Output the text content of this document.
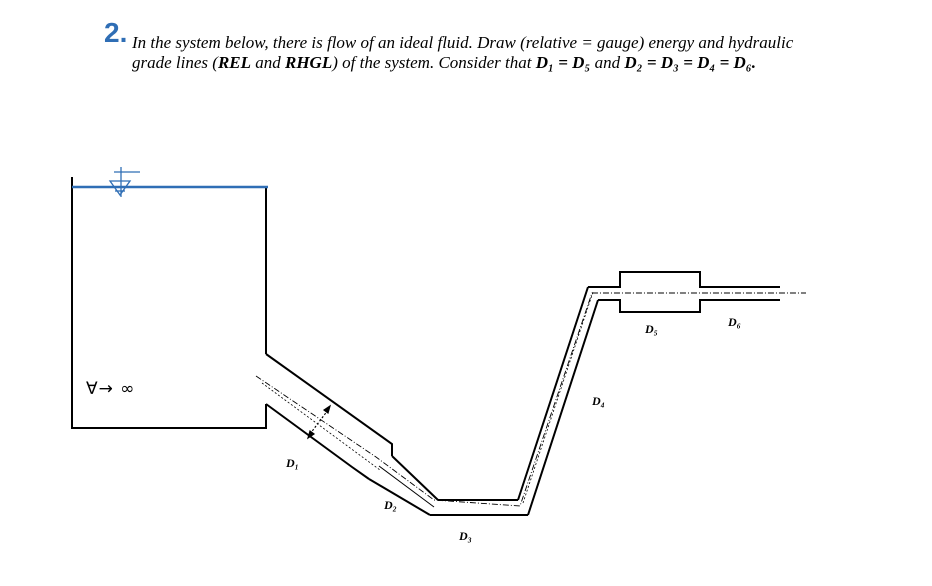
2. In the system below, there is flow of an ideal fluid. Draw (relative = gauge) energy and hydraulic
grade lines (REL and RHGL) of the system. Consider that D₁ = D₅ and D₂ = D₃ = D₄ = D₆.
D₁
D₂
D₃
D₄
D₅	D₆
∀→ ∞
